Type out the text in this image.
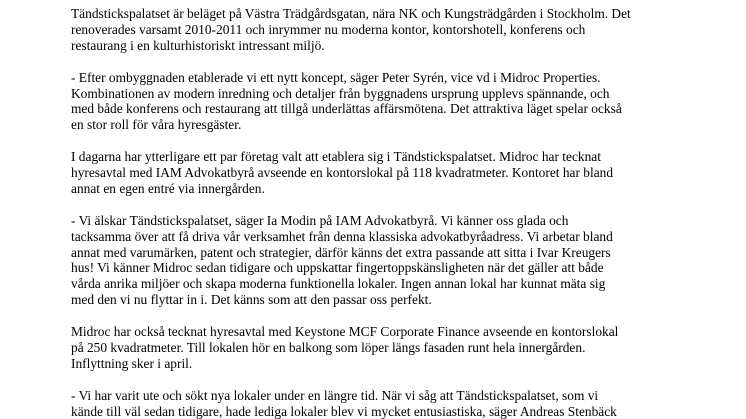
Tändstickspalatset är beläget på Västra Trädgårdsgatan, nära NK och Kungsträdgården i Stockholm. Det
renoverades varsamt 2010-2011 och inrymmer nu moderna kontor, kontorshotell, konferens och
restaurang i en kulturhistoriskt intressant miljö.

- Efter ombyggnaden etablerade vi ett nytt koncept, säger Peter Syrén, vice vd i Midroc Properties.
Kombinationen av modern inredning och detaljer från byggnadens ursprung upplevs spännande, och
med både konferens och restaurang att tillgå underlättas affärsmötena. Det attraktiva läget spelar också
en stor roll för våra hyresgäster.

I dagarna har ytterligare ett par företag valt att etablera sig i Tändstickspalatset. Midroc har tecknat
hyresavtal med IAM Advokatbyrå avseende en kontorslokal på 118 kvadratmeter. Kontoret har bland
annat en egen entré via innergården.

- Vi älskar Tändstickspalatset, säger Ia Modin på IAM Advokatbyrå. Vi känner oss glada och
tacksamma över att få driva vår verksamhet från denna klassiska advokatbyråadress. Vi arbetar bland
annat med varumärken, patent och strategier, därför känns det extra passande att sitta i Ivar Kreugers
hus! Vi känner Midroc sedan tidigare och uppskattar fingertoppskänsligheten när det gäller att både
vårda anrika miljöer och skapa moderna funktionella lokaler. Ingen annan lokal har kunnat mäta sig
med den vi nu flyttar in i. Det känns som att den passar oss perfekt.

Midroc har också tecknat hyresavtal med Keystone MCF Corporate Finance avseende en kontorslokal
på 250 kvadratmeter. Till lokalen hör en balkong som löper längs fasaden runt hela innergården.
Inflyttning sker i april.

- Vi har varit ute och sökt nya lokaler under en längre tid. När vi såg att Tändstickspalatset, som vi
kände till väl sedan tidigare, hade lediga lokaler blev vi mycket entusiastiska, säger Andreas Stenbäck
